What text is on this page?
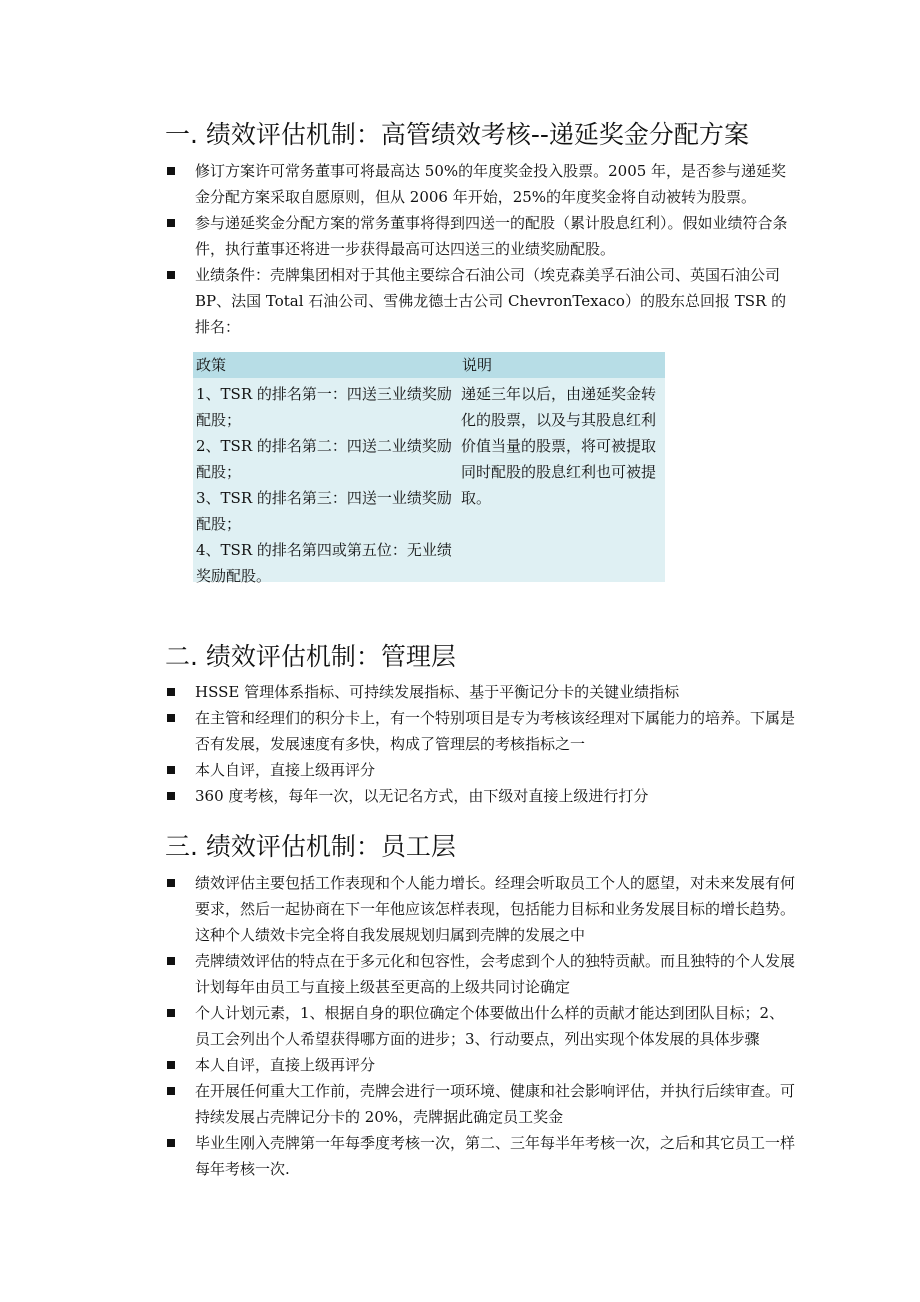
一. 绩效评估机制：高管绩效考核--递延奖金分配方案
修订方案许可常务董事可将最高达 50%的年度奖金投入股票。2005 年，是否参与递延奖金分配方案采取自愿原则，但从 2006 年开始，25%的年度奖金将自动被转为股票。
参与递延奖金分配方案的常务董事将得到四送一的配股（累计股息红利）。假如业绩符合条件，执行董事还将进一步获得最高可达四送三的业绩奖励配股。
业绩条件：壳牌集团相对于其他主要综合石油公司（埃克森美孚石油公司、英国石油公司 BP、法国 Total 石油公司、雪佛龙德士古公司 ChevronTexaco）的股东总回报 TSR 的排名：
政策	说明
1、TSR 的排名第一：四送三业绩奖励配股；
2、TSR 的排名第二：四送二业绩奖励配股；
3、TSR 的排名第三：四送一业绩奖励配股；
4、TSR 的排名第四或第五位：无业绩奖励配股。
递延三年以后，由递延奖金转化的股票，以及与其股息红利价值当量的股票，将可被提取同时配股的股息红利也可被提取。
二. 绩效评估机制：管理层
HSSE 管理体系指标、可持续发展指标、基于平衡记分卡的关键业绩指标
在主管和经理们的积分卡上，有一个特别项目是专为考核该经理对下属能力的培养。下属是否有发展，发展速度有多快，构成了管理层的考核指标之一
本人自评，直接上级再评分
360 度考核，每年一次，以无记名方式，由下级对直接上级进行打分
三. 绩效评估机制：员工层
绩效评估主要包括工作表现和个人能力增长。经理会听取员工个人的愿望，对未来发展有何要求，然后一起协商在下一年他应该怎样表现，包括能力目标和业务发展目标的增长趋势。这种个人绩效卡完全将自我发展规划归属到壳牌的发展之中
壳牌绩效评估的特点在于多元化和包容性，会考虑到个人的独特贡献。而且独特的个人发展计划每年由员工与直接上级甚至更高的上级共同讨论确定
个人计划元素，1、根据自身的职位确定个体要做出什么样的贡献才能达到团队目标；2、员工会列出个人希望获得哪方面的进步；3、行动要点，列出实现个体发展的具体步骤
本人自评，直接上级再评分
在开展任何重大工作前，壳牌会进行一项环境、健康和社会影响评估，并执行后续审查。可持续发展占壳牌记分卡的 20%，壳牌据此确定员工奖金
毕业生刚入壳牌第一年每季度考核一次，第二、三年每半年考核一次，之后和其它员工一样每年考核一次.
